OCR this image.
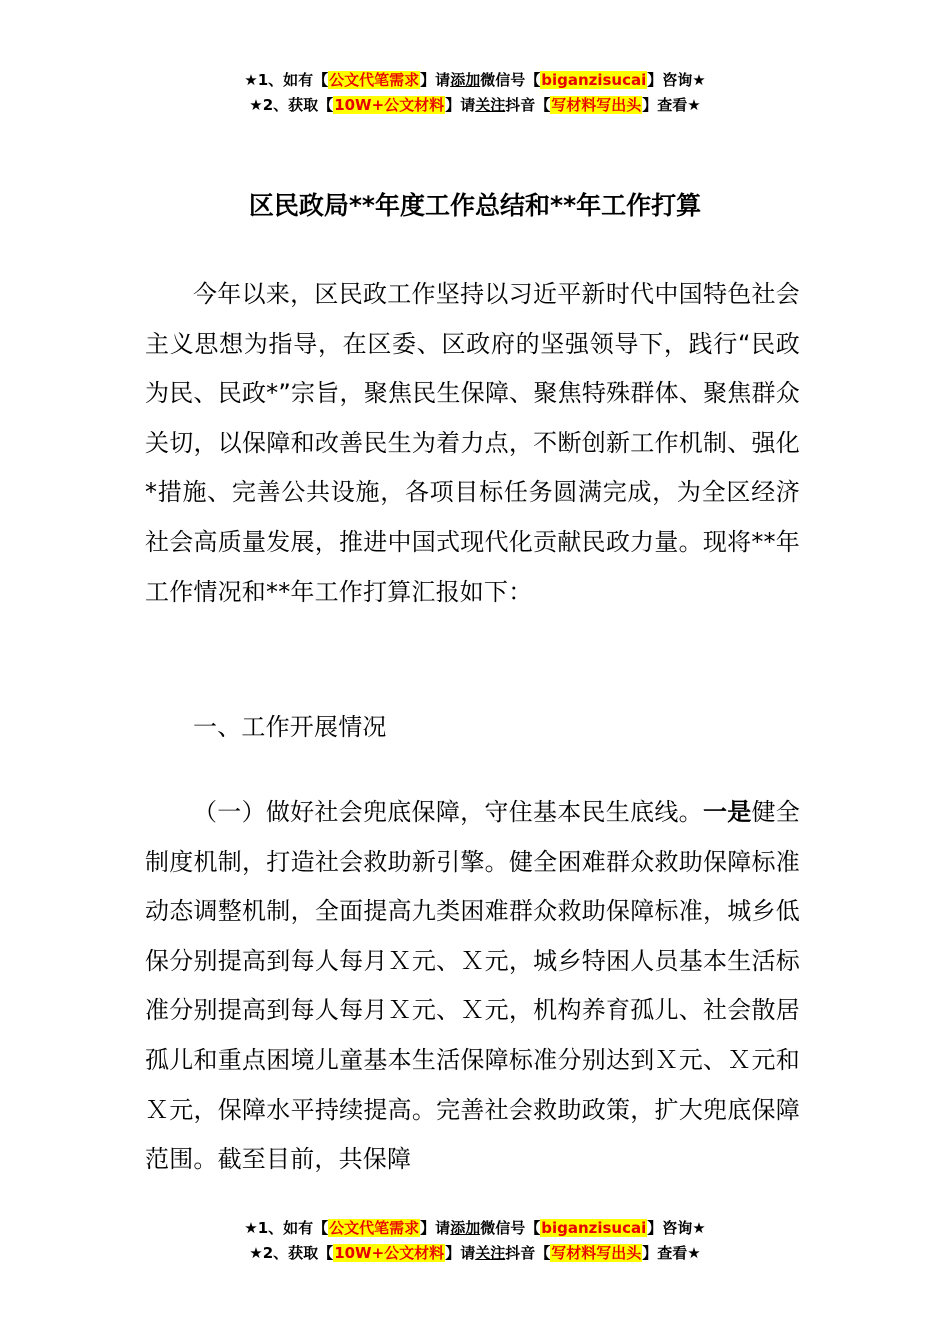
★1、如有【公文代笔需求】请添加微信号【biganzisucai】咨询★
★2、获取【10W+公文材料】请关注抖音【写材料写出头】查看★
区民政局**年度工作总结和**年工作打算

今年以来，区民政工作坚持以习近平新时代中国特色社会主义思想为指导，在区委、区政府的坚强领导下，践行“民政为民、民政*”宗旨，聚焦民生保障、聚焦特殊群体、聚焦群众关切，以保障和改善民生为着力点，不断创新工作机制、强化*措施、完善公共设施，各项目标任务圆满完成，为全区经济社会高质量发展，推进中国式现代化贡献民政力量。现将**年工作情况和**年工作打算汇报如下：

一、工作开展情况

（一）做好社会兜底保障，守住基本民生底线。一是健全制度机制，打造社会救助新引擎。健全困难群众救助保障标准动态调整机制，全面提高九类困难群众救助保障标准，城乡低保分别提高到每人每月Ｘ元、Ｘ元，城乡特困人员基本生活标准分别提高到每人每月Ｘ元、Ｘ元，机构养育孤儿、社会散居孤儿和重点困境儿童基本生活保障标准分别达到Ｘ元、Ｘ元和Ｘ元，保障水平持续提高。完善社会救助政策，扩大兜底保障范围。截至目前，共保障

★1、如有【公文代笔需求】请添加微信号【biganzisucai】咨询★
★2、获取【10W+公文材料】请关注抖音【写材料写出头】查看★
